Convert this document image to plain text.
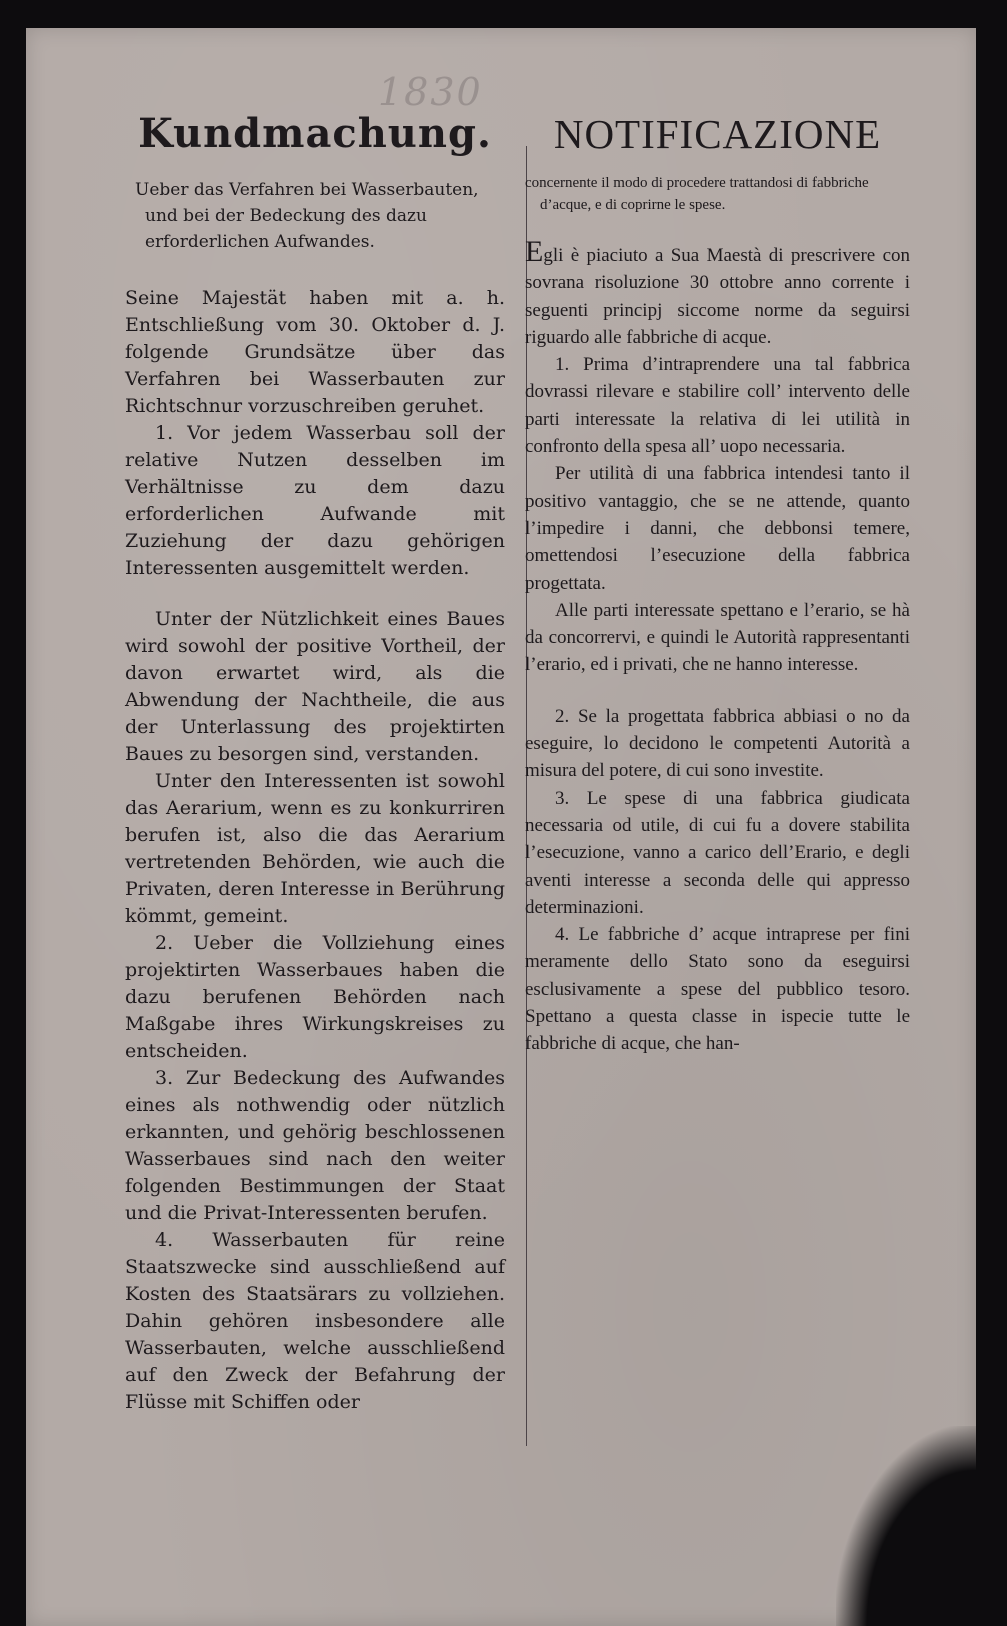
1830
Kundmachung.

Ueber das Verfahren bei Wasserbauten, und bei der Bedeckung des dazu erforderlichen Aufwandes.

Seine Majestät haben mit a. h. Entschließung vom 30. Oktober d. J. folgende Grundsätze über das Verfahren bei Wasserbauten zur Richtschnur vorzuschreiben geruhet.

1. Vor jedem Wasserbau soll der relative Nutzen desselben im Verhältnisse zu dem dazu erforderlichen Aufwande mit Zuziehung der dazu gehörigen Interessenten ausgemittelt werden.

Unter der Nützlichkeit eines Baues wird sowohl der positive Vortheil, der davon erwartet wird, als die Abwendung der Nachtheile, die aus der Unterlassung des projektirten Baues zu besorgen sind, verstanden.

Unter den Interessenten ist sowohl das Aerarium, wenn es zu konkurriren berufen ist, also die das Aerarium vertretenden Behörden, wie auch die Privaten, deren Interesse in Berührung kömmt, gemeint.

2. Ueber die Vollziehung eines projektirten Wasserbaues haben die dazu berufenen Behörden nach Maßgabe ihres Wirkungskreises zu entscheiden.

3. Zur Bedeckung des Aufwandes eines als nothwendig oder nützlich erkannten, und gehörig beschlossenen Wasserbaues sind nach den weiter folgenden Bestimmungen der Staat und die Privat-Interessenten berufen.

4. Wasserbauten für reine Staatszwecke sind ausschließend auf Kosten des Staatsärars zu vollziehen. Dahin gehören insbesondere alle Wasserbauten, welche ausschließend auf den Zweck der Befahrung der Flüsse mit Schiffen oder

NOTIFICAZIONE

concernente il modo di procedere trattandosi di fabbriche d’acque, e di coprirne le spese.

Egli è piaciuto a Sua Maestà di prescrivere con sovrana risoluzione 30 ottobre anno corrente i seguenti principj siccome norme da seguirsi riguardo alle fabbriche di acque.

1. Prima d’intraprendere una tal fabbrica dovrassi rilevare e stabilire coll’ intervento delle parti interessate la relativa di lei utilità in confronto della spesa all’ uopo necessaria.

Per utilità di una fabbrica intendesi tanto il positivo vantaggio, che se ne attende, quanto l’impedire i danni, che debbonsi temere, omettendosi l’esecuzione della fabbrica progettata.

Alle parti interessate spettano e l’erario, se hà da concorrervi, e quindi le Autorità rappresentanti l’erario, ed i privati, che ne hanno interesse.

2. Se la progettata fabbrica abbiasi o no da eseguire, lo decidono le competenti Autorità a misura del potere, di cui sono investite.

3. Le spese di una fabbrica giudicata necessaria od utile, di cui fu a dovere stabilita l’esecuzione, vanno a carico dell’Erario, e degli aventi interesse a seconda delle qui appresso determinazioni.

4. Le fabbriche d’ acque intraprese per fini meramente dello Stato sono da eseguirsi esclusivamente a spese del pubblico tesoro. Spettano a questa classe in ispecie tutte le fabbriche di acque, che han-
